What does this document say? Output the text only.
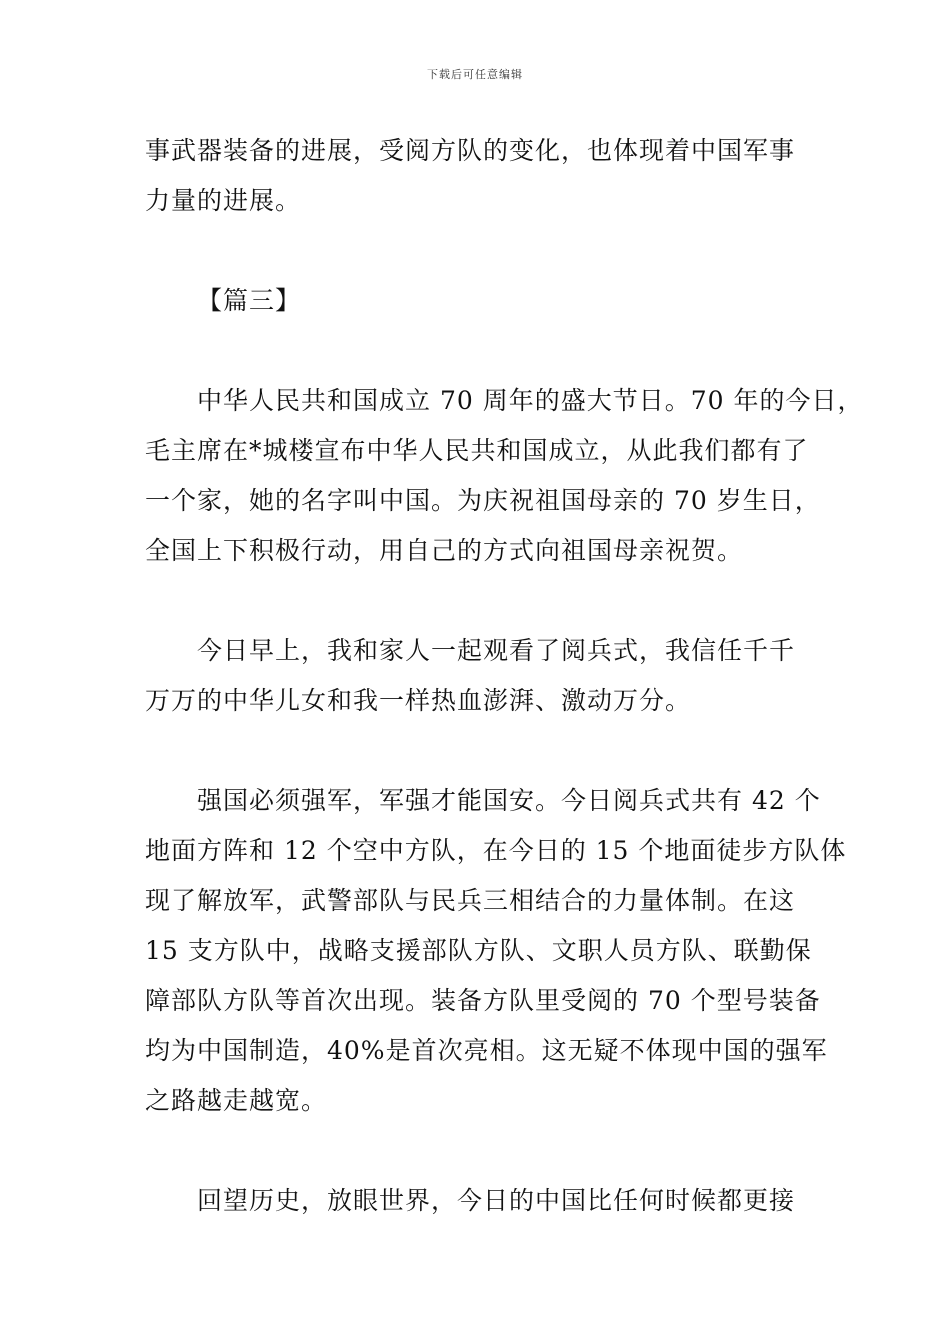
下载后可任意编辑
事武器装备的进展，受阅方队的变化，也体现着中国军事
力量的进展。
【篇三】
中华人民共和国成立 70 周年的盛大节日。70 年的今日，
毛主席在*城楼宣布中华人民共和国成立，从此我们都有了
一个家，她的名字叫中国。为庆祝祖国母亲的 70 岁生日，
全国上下积极行动，用自己的方式向祖国母亲祝贺。
今日早上，我和家人一起观看了阅兵式，我信任千千
万万的中华儿女和我一样热血澎湃、激动万分。
强国必须强军，军强才能国安。今日阅兵式共有 42 个
地面方阵和 12 个空中方队，在今日的 15 个地面徒步方队体
现了解放军，武警部队与民兵三相结合的力量体制。在这
15 支方队中，战略支援部队方队、文职人员方队、联勤保
障部队方队等首次出现。装备方队里受阅的 70 个型号装备
均为中国制造，40%是首次亮相。这无疑不体现中国的强军
之路越走越宽。
回望历史，放眼世界，今日的中国比任何时候都更接
